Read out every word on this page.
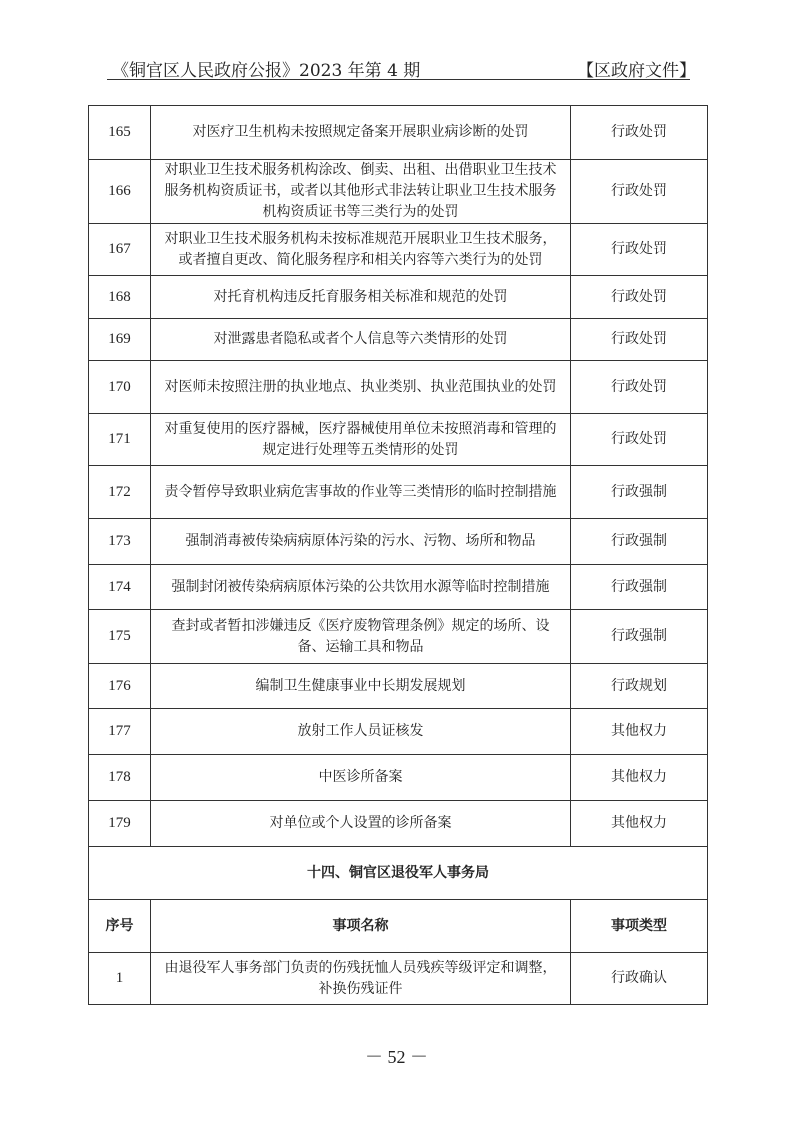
《铜官区人民政府公报》2023 年第 4 期	【区政府文件】
165	对医疗卫生机构未按照规定备案开展职业病诊断的处罚	行政处罚
166	对职业卫生技术服务机构涂改、倒卖、出租、出借职业卫生技术服务机构资质证书，或者以其他形式非法转让职业卫生技术服务机构资质证书等三类行为的处罚	行政处罚
167	对职业卫生技术服务机构未按标准规范开展职业卫生技术服务，或者擅自更改、简化服务程序和相关内容等六类行为的处罚	行政处罚
168	对托育机构违反托育服务相关标准和规范的处罚	行政处罚
169	对泄露患者隐私或者个人信息等六类情形的处罚	行政处罚
170	对医师未按照注册的执业地点、执业类别、执业范围执业的处罚	行政处罚
171	对重复使用的医疗器械，医疗器械使用单位未按照消毒和管理的规定进行处理等五类情形的处罚	行政处罚
172	责令暂停导致职业病危害事故的作业等三类情形的临时控制措施	行政强制
173	强制消毒被传染病病原体污染的污水、污物、场所和物品	行政强制
174	强制封闭被传染病病原体污染的公共饮用水源等临时控制措施	行政强制
175	查封或者暂扣涉嫌违反《医疗废物管理条例》规定的场所、设备、运输工具和物品	行政强制
176	编制卫生健康事业中长期发展规划	行政规划
177	放射工作人员证核发	其他权力
178	中医诊所备案	其他权力
179	对单位或个人设置的诊所备案	其他权力
十四、铜官区退役军人事务局		
序号	事项名称	事项类型
1	由退役军人事务部门负责的伤残抚恤人员残疾等级评定和调整，补换伤残证件	行政确认
－ 52 －
